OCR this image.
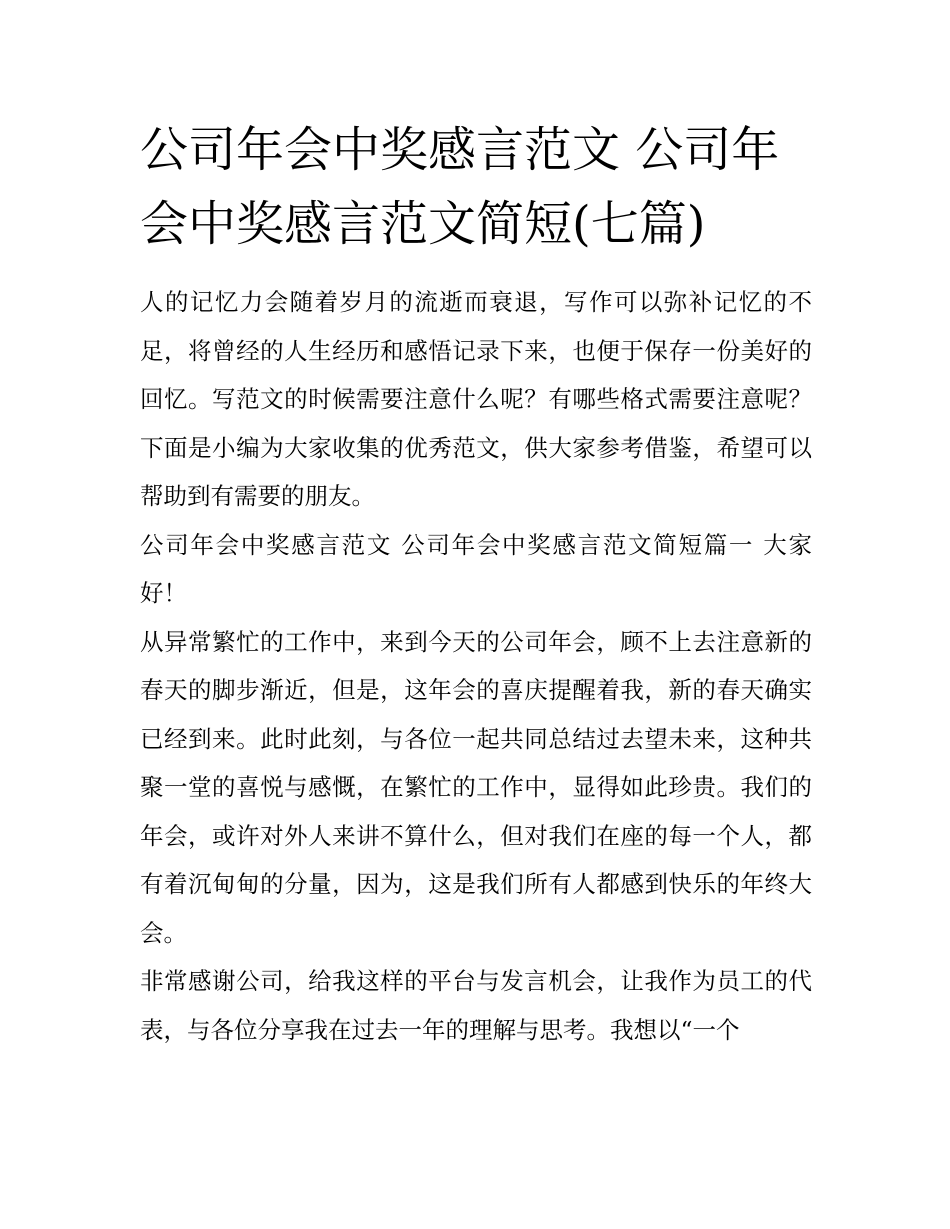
公司年会中奖感言范文 公司年会中奖感言范文简短(七篇)

人的记忆力会随着岁月的流逝而衰退，写作可以弥补记忆的不足，将曾经的人生经历和感悟记录下来，也便于保存一份美好的回忆。写范文的时候需要注意什么呢？有哪些格式需要注意呢？下面是小编为大家收集的优秀范文，供大家参考借鉴，希望可以帮助到有需要的朋友。

公司年会中奖感言范文 公司年会中奖感言范文简短篇一 大家好！

从异常繁忙的工作中，来到今天的公司年会，顾不上去注意新的春天的脚步渐近，但是，这年会的喜庆提醒着我，新的春天确实已经到来。此时此刻，与各位一起共同总结过去望未来，这种共聚一堂的喜悦与感慨，在繁忙的工作中，显得如此珍贵。我们的年会，或许对外人来讲不算什么，但对我们在座的每一个人，都有着沉甸甸的分量，因为，这是我们所有人都感到快乐的年终大会。

非常感谢公司，给我这样的平台与发言机会，让我作为员工的代表，与各位分享我在过去一年的理解与思考。我想以“一个
